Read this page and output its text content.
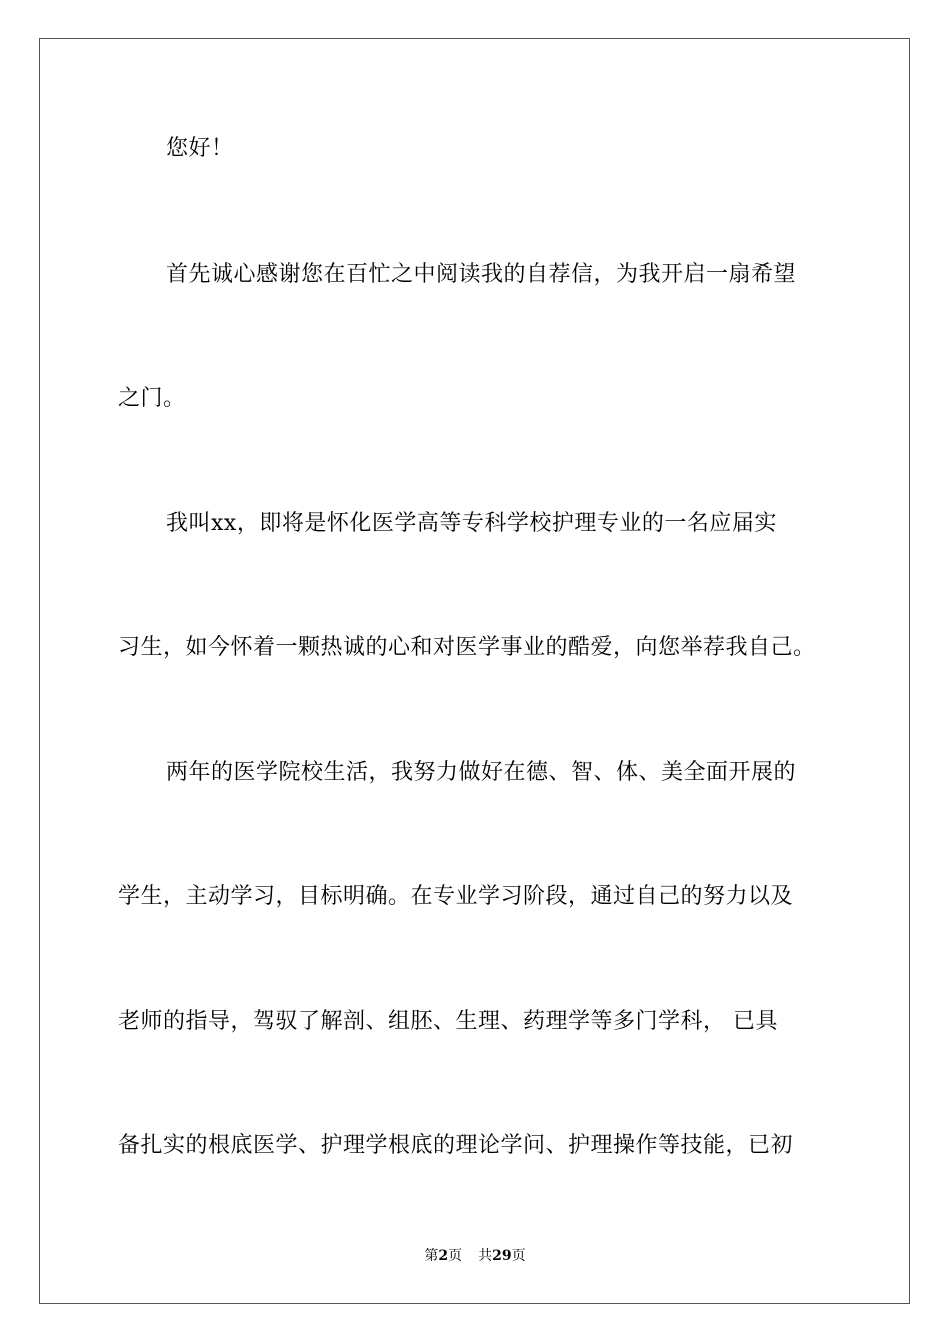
您好！
首先诚心感谢您在百忙之中阅读我的自荐信，为我开启一扇希望
之门。
我叫xx，即将是怀化医学高等专科学校护理专业的一名应届实
习生，如今怀着一颗热诚的心和对医学事业的酷爱，向您举荐我自己。
两年的医学院校生活，我努力做好在德、智、体、美全面开展的
学生，主动学习，目标明确。在专业学习阶段，通过自己的努力以及
老师的指导，驾驭了解剖、组胚、生理、药理学等多门学科， 已具
备扎实的根底医学、护理学根底的理论学问、护理操作等技能，已初
第2页 共29页
